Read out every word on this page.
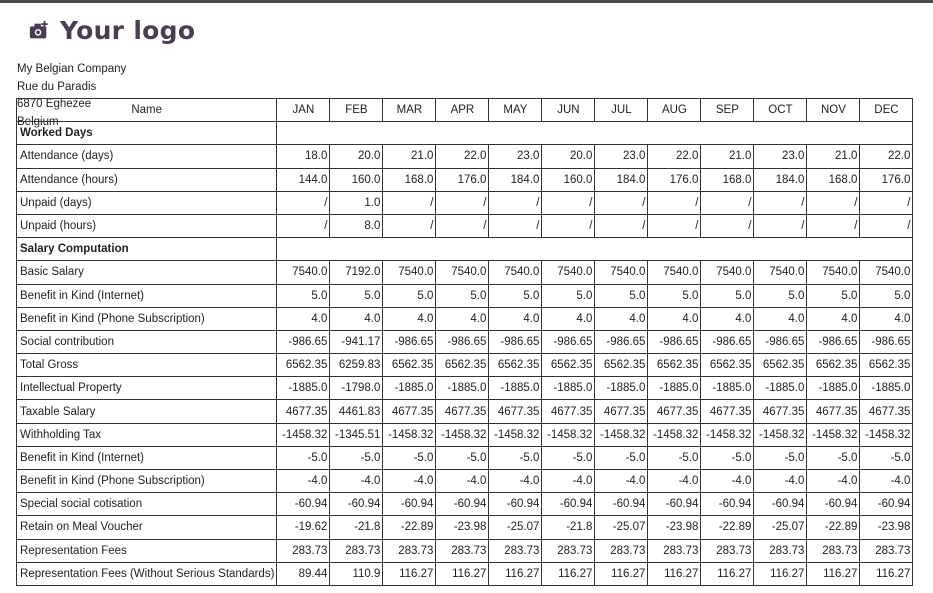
Your logo
My Belgian Company
Rue du Paradis
6870 Eghezee
Belgium
Name	JAN	FEB	MAR	APR	MAY	JUN	JUL	AUG	SEP	OCT	NOV	DEC
Worked Days												
Attendance (days)	18.0	20.0	21.0	22.0	23.0	20.0	23.0	22.0	21.0	23.0	21.0	22.0
Attendance (hours)	144.0	160.0	168.0	176.0	184.0	160.0	184.0	176.0	168.0	184.0	168.0	176.0
Unpaid (days)	/	1.0	/	/	/	/	/	/	/	/	/	/
Unpaid (hours)	/	8.0	/	/	/	/	/	/	/	/	/	/
Salary Computation												
Basic Salary	7540.0	7192.0	7540.0	7540.0	7540.0	7540.0	7540.0	7540.0	7540.0	7540.0	7540.0	7540.0
Benefit in Kind (Internet)	5.0	5.0	5.0	5.0	5.0	5.0	5.0	5.0	5.0	5.0	5.0	5.0
Benefit in Kind (Phone Subscription)	4.0	4.0	4.0	4.0	4.0	4.0	4.0	4.0	4.0	4.0	4.0	4.0
Social contribution	-986.65	-941.17	-986.65	-986.65	-986.65	-986.65	-986.65	-986.65	-986.65	-986.65	-986.65	-986.65
Total Gross	6562.35	6259.83	6562.35	6562.35	6562.35	6562.35	6562.35	6562.35	6562.35	6562.35	6562.35	6562.35
Intellectual Property	-1885.0	-1798.0	-1885.0	-1885.0	-1885.0	-1885.0	-1885.0	-1885.0	-1885.0	-1885.0	-1885.0	-1885.0
Taxable Salary	4677.35	4461.83	4677.35	4677.35	4677.35	4677.35	4677.35	4677.35	4677.35	4677.35	4677.35	4677.35
Withholding Tax	-1458.32	-1345.51	-1458.32	-1458.32	-1458.32	-1458.32	-1458.32	-1458.32	-1458.32	-1458.32	-1458.32	-1458.32
Benefit in Kind (Internet)	-5.0	-5.0	-5.0	-5.0	-5.0	-5.0	-5.0	-5.0	-5.0	-5.0	-5.0	-5.0
Benefit in Kind (Phone Subscription)	-4.0	-4.0	-4.0	-4.0	-4.0	-4.0	-4.0	-4.0	-4.0	-4.0	-4.0	-4.0
Special social cotisation	-60.94	-60.94	-60.94	-60.94	-60.94	-60.94	-60.94	-60.94	-60.94	-60.94	-60.94	-60.94
Retain on Meal Voucher	-19.62	-21.8	-22.89	-23.98	-25.07	-21.8	-25.07	-23.98	-22.89	-25.07	-22.89	-23.98
Representation Fees	283.73	283.73	283.73	283.73	283.73	283.73	283.73	283.73	283.73	283.73	283.73	283.73
Representation Fees (Without Serious Standards)	89.44	110.9	116.27	116.27	116.27	116.27	116.27	116.27	116.27	116.27	116.27	116.27
